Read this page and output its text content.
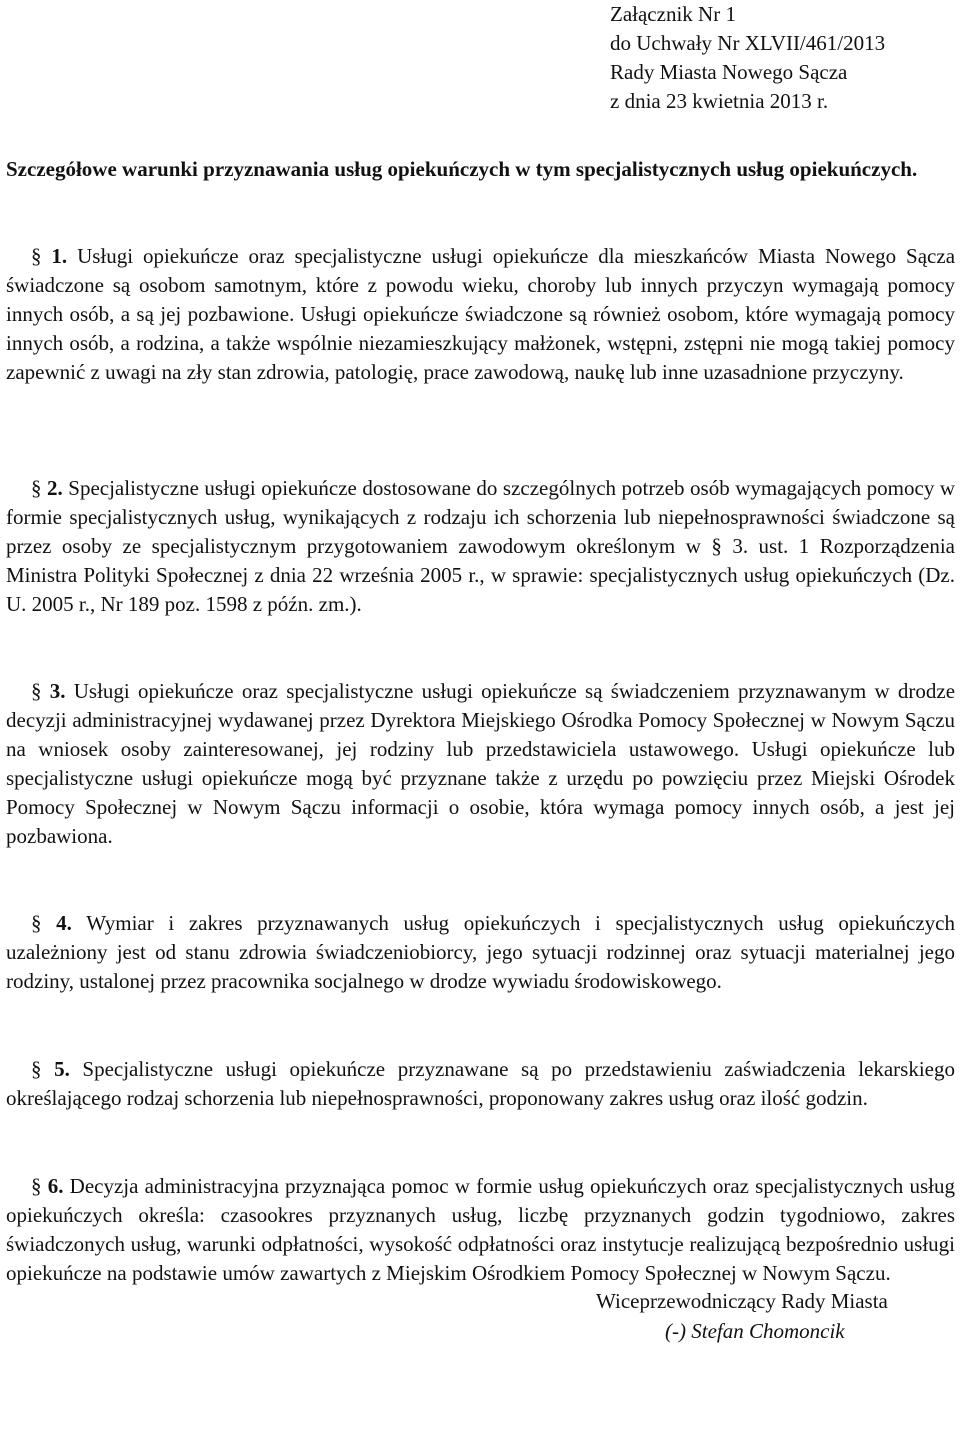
Załącznik Nr 1
do Uchwały Nr XLVII/461/2013
Rady Miasta Nowego Sącza
z dnia 23 kwietnia 2013 r.
Szczegółowe warunki przyznawania usług opiekuńczych w tym specjalistycznych usług opiekuńczych.
§ 1. Usługi opiekuńcze oraz specjalistyczne usługi opiekuńcze dla mieszkańców Miasta Nowego Sącza świadczone są osobom samotnym, które z powodu wieku, choroby lub innych przyczyn wymagają pomocy innych osób, a są jej pozbawione. Usługi opiekuńcze świadczone są również osobom, które wymagają pomocy innych osób, a rodzina, a także wspólnie niezamieszkujący małżonek, wstępni, zstępni nie mogą takiej pomocy zapewnić z uwagi na zły stan zdrowia, patologię, prace zawodową, naukę lub inne uzasadnione przyczyny.
§ 2. Specjalistyczne usługi opiekuńcze dostosowane do szczególnych potrzeb osób wymagających pomocy w formie specjalistycznych usług, wynikających z rodzaju ich schorzenia lub niepełnosprawności świadczone są przez osoby ze specjalistycznym przygotowaniem zawodowym określonym w § 3. ust. 1 Rozporządzenia Ministra Polityki Społecznej z dnia 22 września 2005 r., w sprawie: specjalistycznych usług opiekuńczych (Dz. U. 2005 r., Nr 189 poz. 1598 z późn. zm.).
§ 3. Usługi opiekuńcze oraz specjalistyczne usługi opiekuńcze są świadczeniem przyznawanym w drodze decyzji administracyjnej wydawanej przez Dyrektora Miejskiego Ośrodka Pomocy Społecznej w Nowym Sączu na wniosek osoby zainteresowanej, jej rodziny lub przedstawiciela ustawowego. Usługi opiekuńcze lub specjalistyczne usługi opiekuńcze mogą być przyznane także z urzędu po powzięciu przez Miejski Ośrodek Pomocy Społecznej w Nowym Sączu informacji o osobie, która wymaga pomocy innych osób, a jest jej pozbawiona.
§ 4. Wymiar i zakres przyznawanych usług opiekuńczych i specjalistycznych usług opiekuńczych uzależniony jest od stanu zdrowia świadczeniobiorcy, jego sytuacji rodzinnej oraz sytuacji materialnej jego rodziny, ustalonej przez pracownika socjalnego w drodze wywiadu środowiskowego.
§ 5. Specjalistyczne usługi opiekuńcze przyznawane są po przedstawieniu zaświadczenia lekarskiego określającego rodzaj schorzenia lub niepełnosprawności, proponowany zakres usług oraz ilość godzin.
§ 6. Decyzja administracyjna przyznająca pomoc w formie usług opiekuńczych oraz specjalistycznych usług opiekuńczych określa: czasookres przyznanych usług, liczbę przyznanych godzin tygodniowo, zakres świadczonych usług, warunki odpłatności, wysokość odpłatności oraz instytucje realizującą bezpośrednio usługi opiekuńcze na podstawie umów zawartych z Miejskim Ośrodkiem Pomocy Społecznej w Nowym Sączu.
Wiceprzewodniczący Rady Miasta
(-) Stefan Chomoncik
